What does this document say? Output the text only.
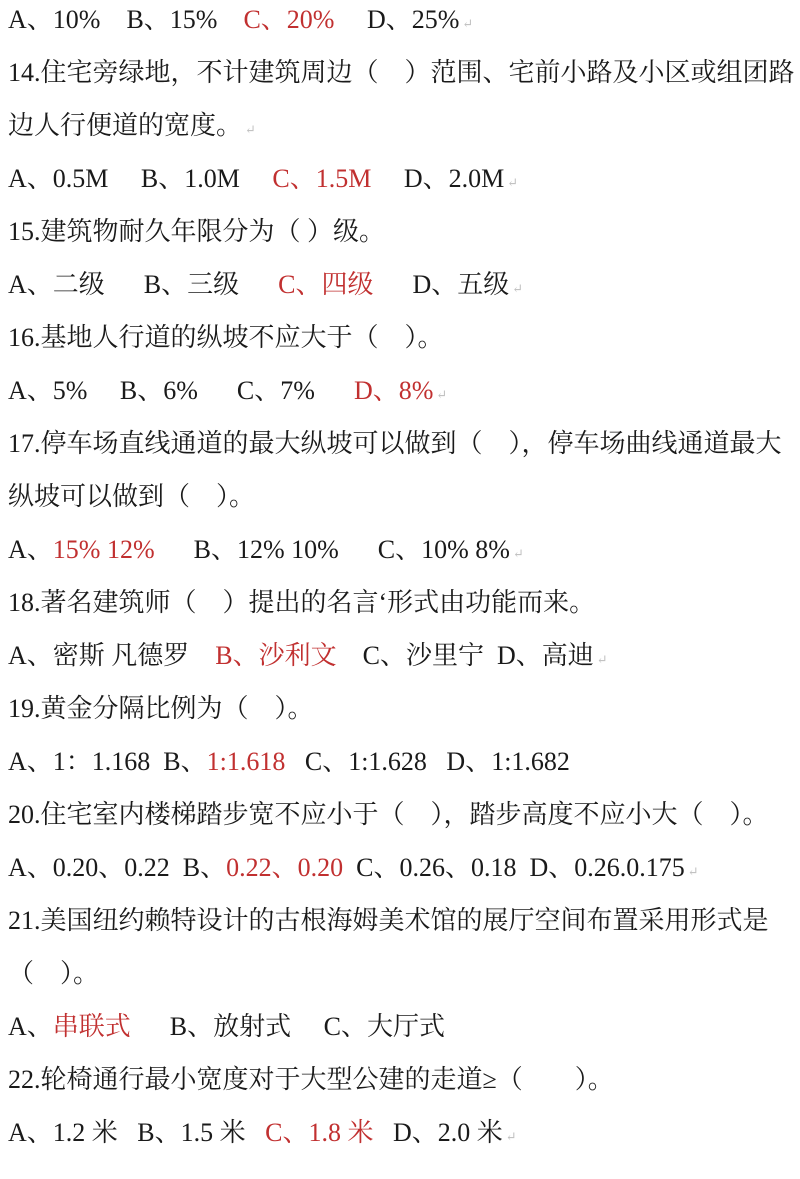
A、10%    B、15%    C、20%     D、25% ↵
14.住宅旁绿地，不计建筑周边（　）范围、宅前小路及小区或组团路
边人行便道的宽度。 ↵
A、0.5M     B、1.0M     C、1.5M     D、2.0M ↵
15.建筑物耐久年限分为（ ）级。
A、二级      B、三级      C、四级      D、五级 ↵
16.基地人行道的纵坡不应大于（　）。
A、5%     B、6%      C、7%      D、8% ↵
17.停车场直线通道的最大纵坡可以做到（　），停车场曲线通道最大
纵坡可以做到（　）。
A、15% 12%      B、12% 10%      C、10% 8% ↵
18.著名建筑师（　）提出的名言‘形式由功能而来。
A、密斯 凡德罗    B、沙利文    C、沙里宁  D、高迪 ↵
19.黄金分隔比例为（　）。
A、1：1.168  B、1:1.618   C、1:1.628   D、1:1.682
20.住宅室内楼梯踏步宽不应小于（　），踏步高度不应小大（　）。
A、0.20、0.22  B、0.22、0.20  C、0.26、0.18  D、0.26.0.175 ↵
21.美国纽约赖特设计的古根海姆美术馆的展厅空间布置采用形式是
（　）。
A、串联式      B、放射式     C、大厅式
22.轮椅通行最小宽度对于大型公建的走道≥（　　）。
A、1.2 米   B、1.5 米   C、1.8 米   D、2.0 米 ↵
